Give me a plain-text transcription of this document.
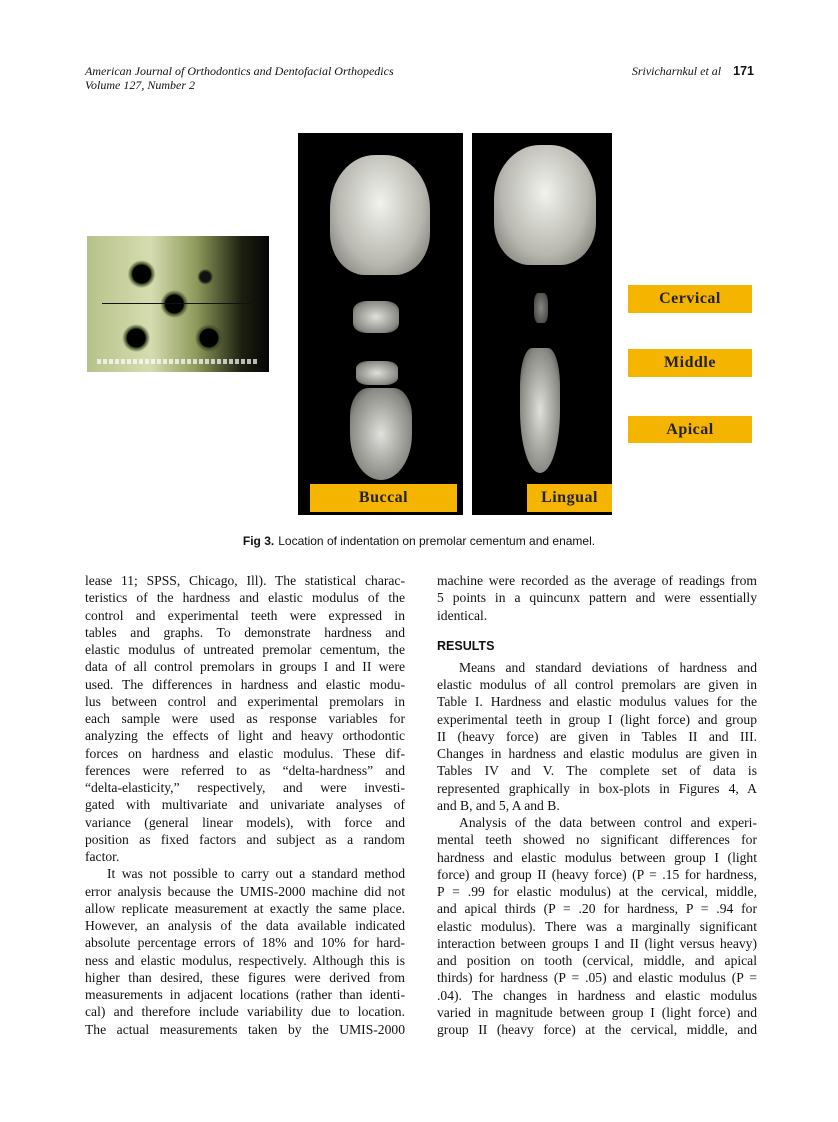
American Journal of Orthodontics and Dentofacial Orthopedics
Volume 127, Number 2
Srivicharnkul et al 171
Cervical
Middle
Apical
Buccal	Lingual
Fig 3. Location of indentation on premolar cementum and enamel.
lease 11; SPSS, Chicago, Ill). The statistical charac-
teristics of the hardness and elastic modulus of the
control and experimental teeth were expressed in
tables and graphs. To demonstrate hardness and
elastic modulus of untreated premolar cementum, the
data of all control premolars in groups I and II were
used. The differences in hardness and elastic modu-
lus between control and experimental premolars in
each sample were used as response variables for
analyzing the effects of light and heavy orthodontic
forces on hardness and elastic modulus. These dif-
ferences were referred to as “delta-hardness” and
“delta-elasticity,” respectively, and were investi-
gated with multivariate and univariate analyses of
variance (general linear models), with force and
position as fixed factors and subject as a random
factor.
It was not possible to carry out a standard method
error analysis because the UMIS-2000 machine did not
allow replicate measurement at exactly the same place.
However, an analysis of the data available indicated
absolute percentage errors of 18% and 10% for hard-
ness and elastic modulus, respectively. Although this is
higher than desired, these figures were derived from
measurements in adjacent locations (rather than identi-
cal) and therefore include variability due to location.
The actual measurements taken by the UMIS-2000
machine were recorded as the average of readings from
5 points in a quincunx pattern and were essentially
identical.
RESULTS
Means and standard deviations of hardness and
elastic modulus of all control premolars are given in
Table I. Hardness and elastic modulus values for the
experimental teeth in group I (light force) and group
II (heavy force) are given in Tables II and III.
Changes in hardness and elastic modulus are given in
Tables IV and V. The complete set of data is
represented graphically in box-plots in Figures 4, A
and B, and 5, A and B.
Analysis of the data between control and experi-
mental teeth showed no significant differences for
hardness and elastic modulus between group I (light
force) and group II (heavy force) (P = .15 for hardness,
P = .99 for elastic modulus) at the cervical, middle,
and apical thirds (P = .20 for hardness, P = .94 for
elastic modulus). There was a marginally significant
interaction between groups I and II (light versus heavy)
and position on tooth (cervical, middle, and apical
thirds) for hardness (P = .05) and elastic modulus (P =
.04). The changes in hardness and elastic modulus
varied in magnitude between group I (light force) and
group II (heavy force) at the cervical, middle, and
